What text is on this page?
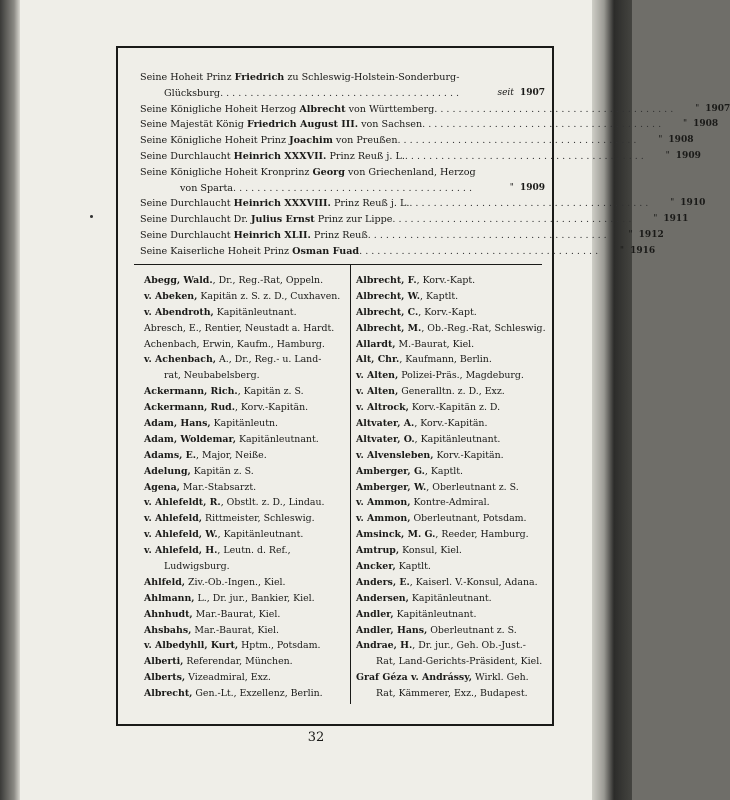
Seine Hoheit Prinz Friedrich zu Schleswig-Holstein-Sonderburg-
Glücksburg ........................................	seit 1907
Seine Königliche Hoheit Herzog Albrecht von Württemberg ........................................	" 1907
Seine Majestät König Friedrich August III. von Sachsen ........................................	" 1908
Seine Königliche Hoheit Prinz Joachim von Preußen ........................................	" 1908
Seine Durchlaucht Heinrich XXXVII. Prinz Reuß j. L. ........................................	" 1909
Seine Königliche Hoheit Kronprinz Georg von Griechenland, Herzog
von Sparta ........................................	" 1909
Seine Durchlaucht Heinrich XXXVIII. Prinz Reuß j. L. ........................................	" 1910
Seine Durchlaucht Dr. Julius Ernst Prinz zur Lippe ........................................	" 1911
Seine Durchlaucht Heinrich XLII. Prinz Reuß ........................................	" 1912
Seine Kaiserliche Hoheit Prinz Osman Fuad ........................................	" 1916
Abegg, Wald., Dr., Reg.-Rat, Oppeln.
v. Abeken, Kapitän z. S. z. D., Cuxhaven.
v. Abendroth, Kapitänleutnant.
Abresch, E., Rentier, Neustadt a. Hardt.
Achenbach, Erwin, Kaufm., Hamburg.
v. Achenbach, A., Dr., Reg.- u. Land-
rat, Neubabelsberg.
Ackermann, Rich., Kapitän z. S.
Ackermann, Rud., Korv.-Kapitän.
Adam, Hans, Kapitänleutn.
Adam, Woldemar, Kapitänleutnant.
Adams, E., Major, Neiße.
Adelung, Kapitän z. S.
Agena, Mar.-Stabsarzt.
v. Ahlefeldt, R., Obstlt. z. D., Lindau.
v. Ahlefeld, Rittmeister, Schleswig.
v. Ahlefeld, W., Kapitänleutnant.
v. Ahlefeld, H., Leutn. d. Ref.,
Ludwigsburg.
Ahlfeld, Ziv.-Ob.-Ingen., Kiel.
Ahlmann, L., Dr. jur., Bankier, Kiel.
Ahnhudt, Mar.-Baurat, Kiel.
Ahsbahs, Mar.-Baurat, Kiel.
v. Albedyhll, Kurt, Hptm., Potsdam.
Alberti, Referendar, München.
Alberts, Vizeadmiral, Exz.
Albrecht, Gen.-Lt., Exzellenz, Berlin.
Albrecht, F., Korv.-Kapt.
Albrecht, W., Kaptlt.
Albrecht, C., Korv.-Kapt.
Albrecht, M., Ob.-Reg.-Rat, Schleswig.
Allardt, M.-Baurat, Kiel.
Alt, Chr., Kaufmann, Berlin.
v. Alten, Polizei-Präs., Magdeburg.
v. Alten, Generalltn. z. D., Exz.
v. Altrock, Korv.-Kapitän z. D.
Altvater, A., Korv.-Kapitän.
Altvater, O., Kapitänleutnant.
v. Alvensleben, Korv.-Kapitän.
Amberger, G., Kaptlt.
Amberger, W., Oberleutnant z. S.
v. Ammon, Kontre-Admiral.
v. Ammon, Oberleutnant, Potsdam.
Amsinck, M. G., Reeder, Hamburg.
Amtrup, Konsul, Kiel.
Ancker, Kaptlt.
Anders, E., Kaiserl. V.-Konsul, Adana.
Andersen, Kapitänleutnant.
Andler, Kapitänleutnant.
Andler, Hans, Oberleutnant z. S.
Andrae, H., Dr. jur., Geh. Ob.-Just.-
Rat, Land-Gerichts-Präsident, Kiel.
Graf Géza v. Andrássy, Wirkl. Geh.
Rat, Kämmerer, Exz., Budapest.
32
